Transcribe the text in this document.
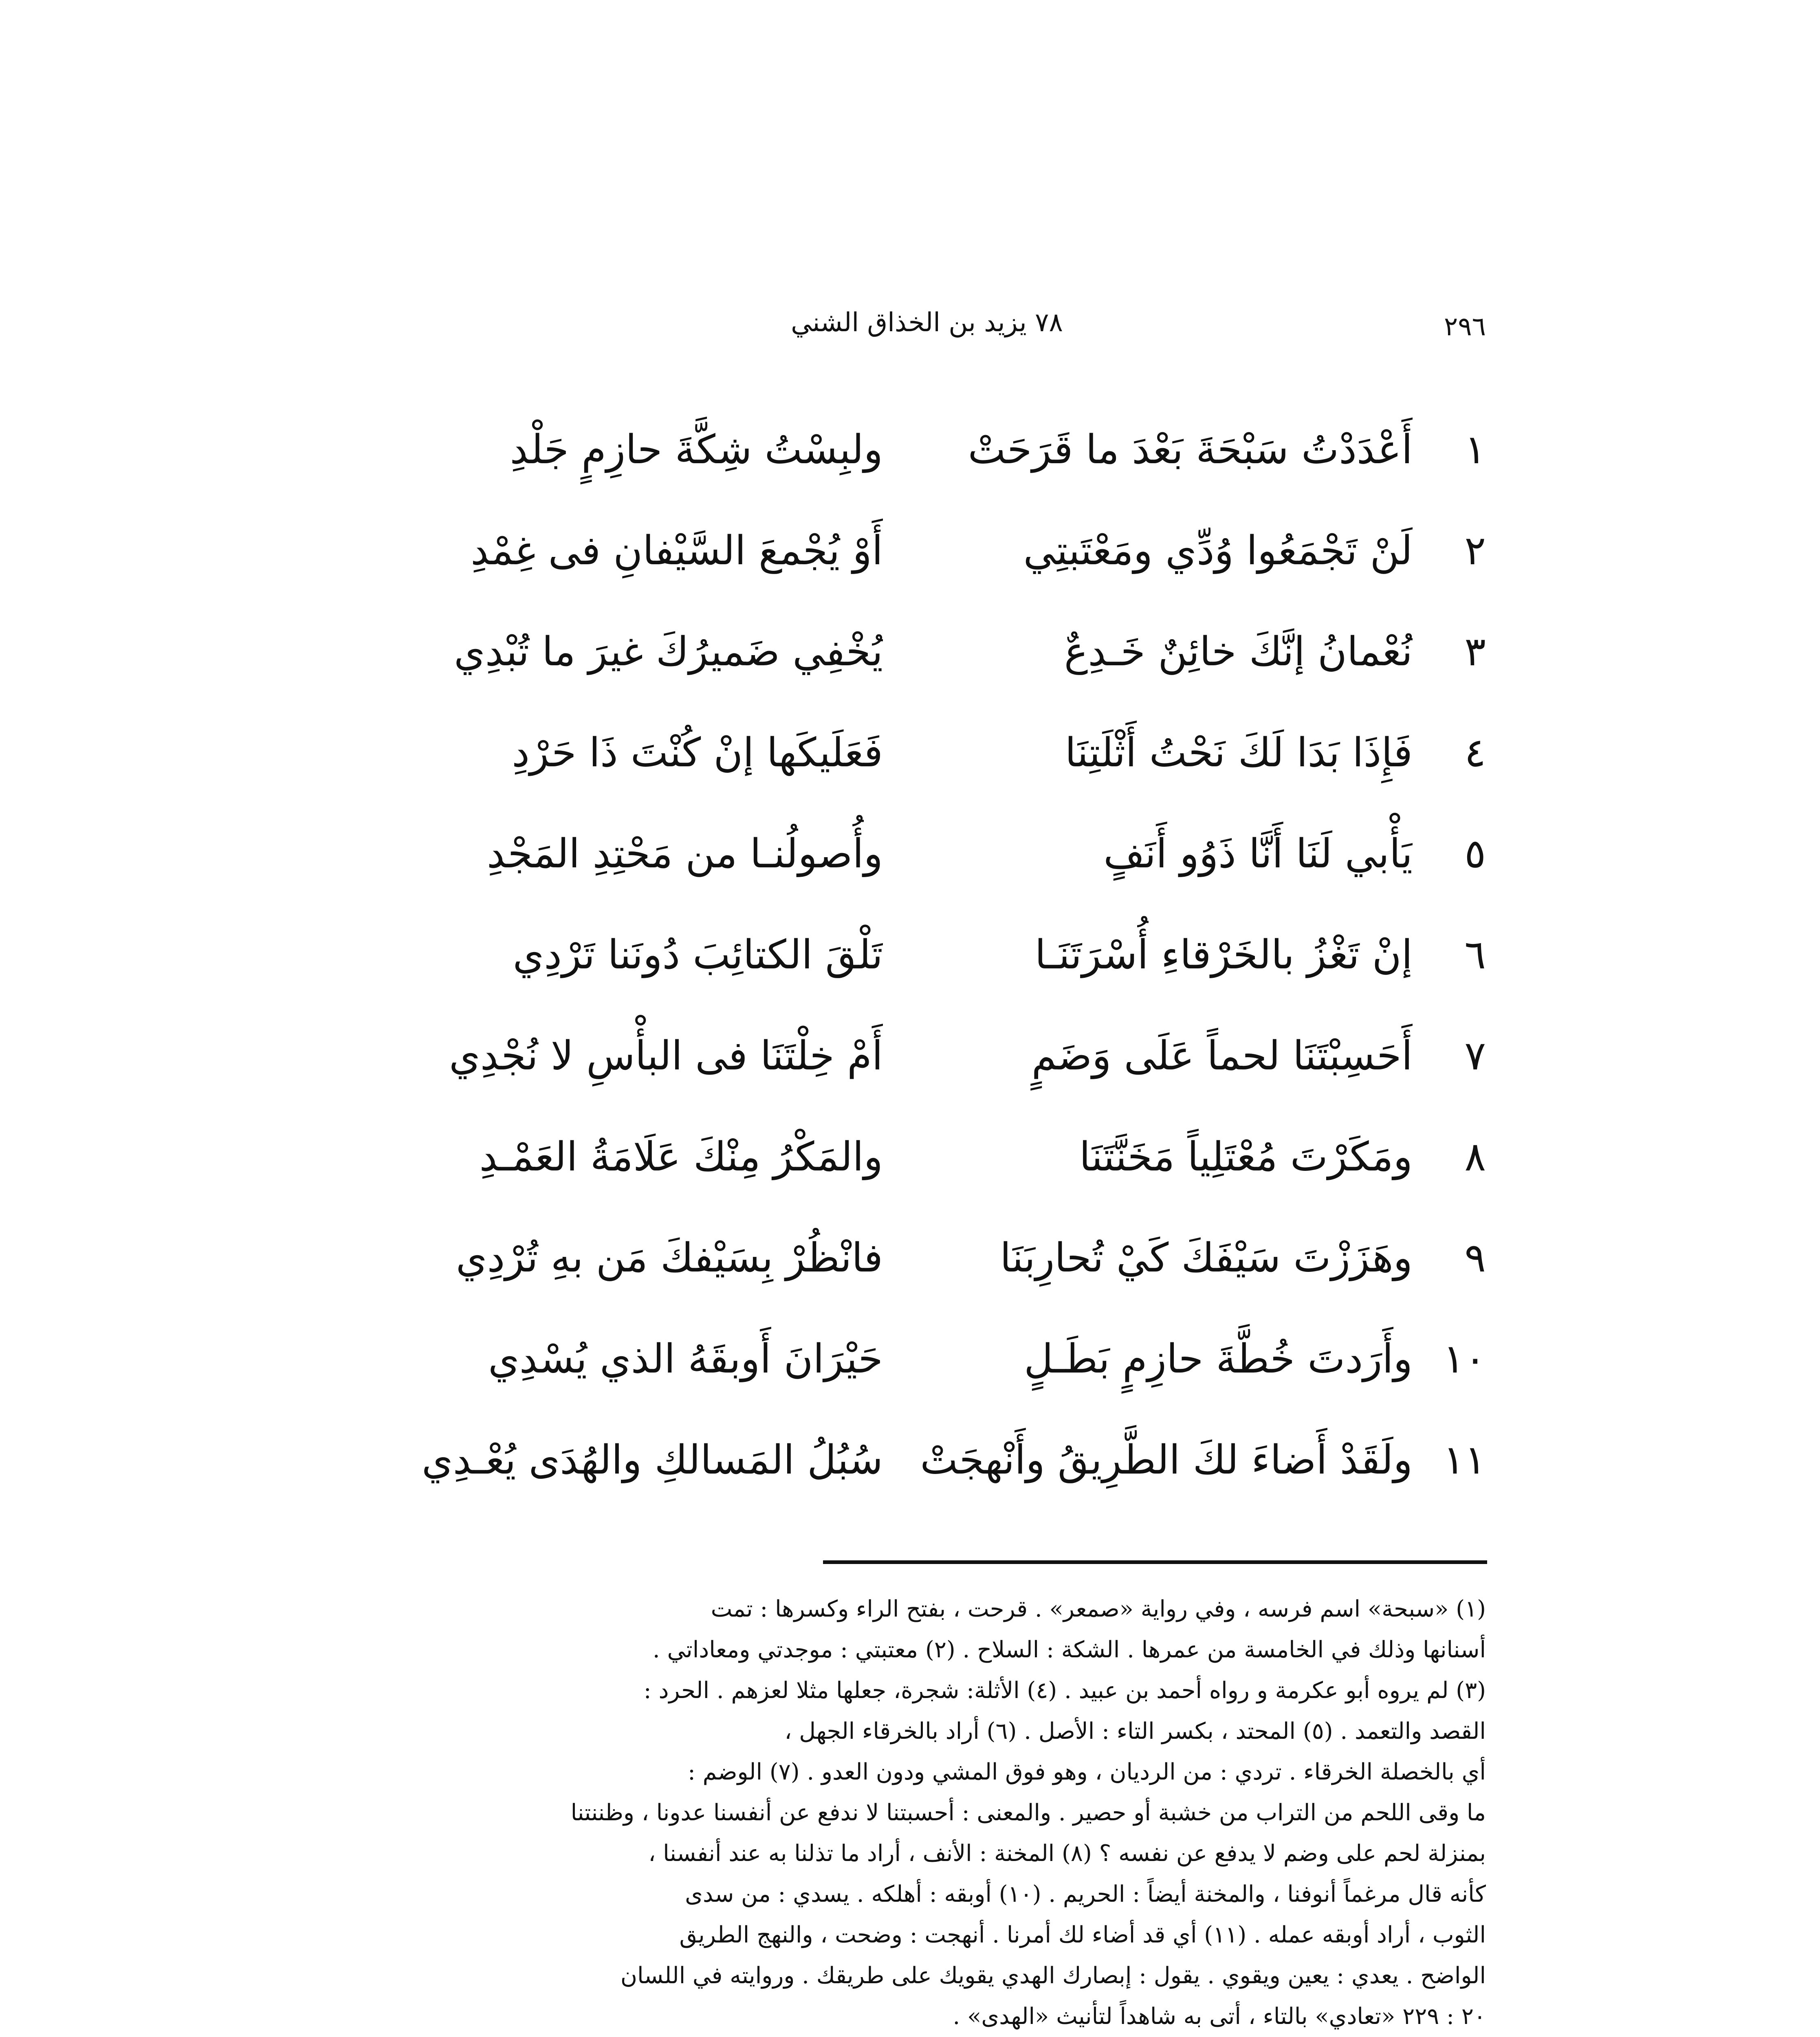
٢٩٦
٧٨ يزيد بن الخذاق الشني
١
أَعْدَدْتُ سَبْحَةَ بَعْدَ ما قَرَحَتْ
ولبِسْتُ شِكَّةَ حازِمٍ جَلْدِ
٢
لَنْ تَجْمَعُوا وُدِّي ومَعْتَبتِي
أَوْ يُجْمعَ السَّيْفانِ فى غِمْدِ
٣
نُعْمانُ إنَّكَ خائِنٌ خَـدِعٌ
يُخْفِي ضَميرُكَ غيرَ ما تُبْدِي
٤
فَإِذَا بَدَا لَكَ نَحْتُ أَثْلَتِنَا
فَعَلَيكَها إنْ كُنْتَ ذَا حَرْدِ
٥
يَأْبي لَنَا أَنَّا ذَوُو أَنَفٍ
وأُصولُنـا من مَحْتِدِ المَجْدِ
٦
إنْ تَغْزُ بالخَرْقاءِ أُسْرَتَنَـا
تَلْقَ الكتائِبَ دُونَنا تَرْدِي
٧
أَحَسِبْتَنَا لحماً عَلَى وَضَمٍ
أَمْ خِلْتَنَا فى البأْسِ لا نُجْدِي
٨
ومَكَرْتَ مُعْتَلِياً مَخَنَّتَنَا
والمَكْرُ مِنْكَ عَلَامَةُ العَمْـدِ
٩
وهَزَزْتَ سَيْفَكَ كَيْ تُحارِبَنَا
فانْظُرْ بِسَيْفكَ مَن بهِ تُرْدِي
١٠
وأَرَدتَ خُطَّةَ حازِمٍ بَطَـلٍ
حَيْرَانَ أَوبقَهُ الذي يُسْدِي
١١
ولَقَدْ أَضاءَ لكَ الطَّرِيقُ وأَنْهجَتْ
سُبُلُ المَسالكِ والهُدَى يُعْـدِي
(١) «سبحة» اسم فرسه ، وفي رواية «صمعر» . قرحت ، بفتح الراء وكسرها : تمت
أسنانها وذلك في الخامسة من عمرها . الشكة : السلاح . (٢) معتبتي : موجدتي ومعاداتي .
(٣) لم يروه أبو عكرمة و رواه أحمد بن عبيد . (٤) الأثلة: شجرة، جعلها مثلا لعزهم . الحرد :
القصد والتعمد . (٥) المحتد ، بكسر التاء : الأصل . (٦) أراد بالخرقاء الجهل ،
أي بالخصلة الخرقاء . تردي : من الرديان ، وهو فوق المشي ودون العدو . (٧) الوضم :
ما وقى اللحم من التراب من خشبة أو حصير . والمعنى : أحسبتنا لا ندفع عن أنفسنا عدونا ، وظننتنا
بمنزلة لحم على وضم لا يدفع عن نفسه ؟ (٨) المخنة : الأنف ، أراد ما تذلنا به عند أنفسنا ،
كأنه قال مرغماً أنوفنا ، والمخنة أيضاً : الحريم . (١٠) أوبقه : أهلكه . يسدي : من سدى
الثوب ، أراد أوبقه عمله . (١١) أي قد أضاء لك أمرنا . أنهجت : وضحت ، والنهج الطريق
الواضح . يعدي : يعين ويقوي . يقول : إبصارك الهدي يقويك على طريقك . وروايته في اللسان
٢٠ : ٢٢٩ «تعادي» بالتاء ، أتى به شاهداً لتأنيث «الهدى» .
